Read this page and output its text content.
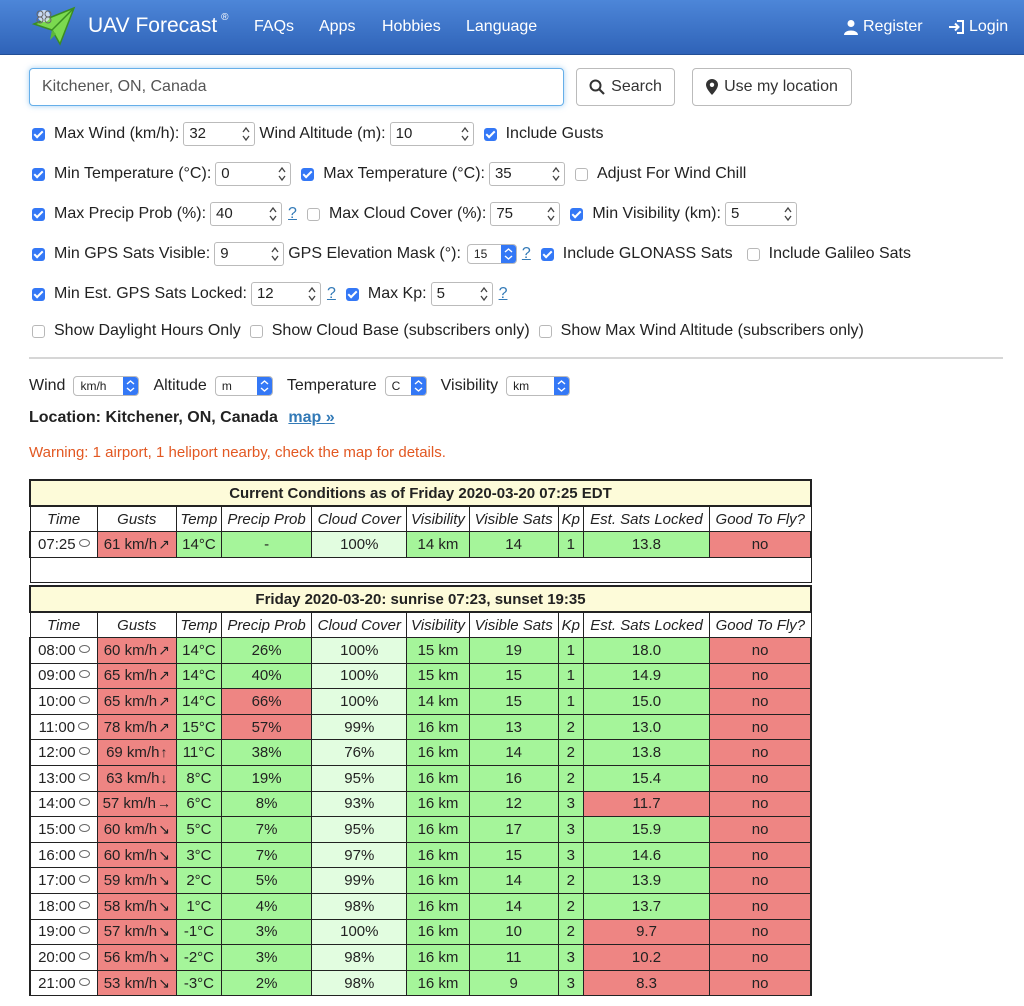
UAV Forecast ®
FAQs Apps Hobbies Language	Register	Login
Kitchener, ON, Canada
Search	Use my location
Max Wind (km/h): 32	Wind Altitude (m): 10	Include Gusts
Min Temperature (°C): 0	Max Temperature (°C): 35	Adjust For Wind Chill
Max Precip Prob (%): 40	? Max Cloud Cover (%): 75	Min Visibility (km): 5
Min GPS Sats Visible: 9	GPS Elevation Mask (°):	15	? Include GLONASS Sats Include Galileo Sats
Min Est. GPS Sats Locked: 12	? Max Kp: 5	?
Show Daylight Hours Only Show Cloud Base (subscribers only) Show Max Wind Altitude (subscribers only)
Wind	km/h	Altitude	m	Temperature	C	Visibility	km
Location: Kitchener, ON, Canada map »
Warning: 1 airport, 1 heliport nearby, check the map for details.
Current Conditions as of Friday 2020-03-20 07:25 EDT									
Time	Gusts	Temp	Precip Prob	Cloud Cover	Visibility	Visible Sats	Kp	Est. Sats Locked	Good To Fly?
07:25	61 km/h↗	14°C	-	100%	14 km	14	1	13.8	no

Friday 2020-03-20: sunrise 07:23, sunset 19:35									
Time	Gusts	Temp	Precip Prob	Cloud Cover	Visibility	Visible Sats	Kp	Est. Sats Locked	Good To Fly?
08:00	60 km/h↗	14°C	26%	100%	15 km	19	1	18.0	no
09:00	65 km/h↗	14°C	40%	100%	15 km	15	1	14.9	no
10:00	65 km/h↗	14°C	66%	100%	14 km	15	1	15.0	no
11:00	78 km/h↗	15°C	57%	99%	16 km	13	2	13.0	no
12:00	69 km/h↑	11°C	38%	76%	16 km	14	2	13.8	no
13:00	63 km/h↓	8°C	19%	95%	16 km	16	2	15.4	no
14:00	57 km/h→	6°C	8%	93%	16 km	12	3	11.7	no
15:00	60 km/h↘	5°C	7%	95%	16 km	17	3	15.9	no
16:00	60 km/h↘	3°C	7%	97%	16 km	15	3	14.6	no
17:00	59 km/h↘	2°C	5%	99%	16 km	14	2	13.9	no
18:00	58 km/h↘	1°C	4%	98%	16 km	14	2	13.7	no
19:00	57 km/h↘	-1°C	3%	100%	16 km	10	2	9.7	no
20:00	56 km/h↘	-2°C	3%	98%	16 km	11	3	10.2	no
21:00	53 km/h↘	-3°C	2%	98%	16 km	9	3	8.3	no
